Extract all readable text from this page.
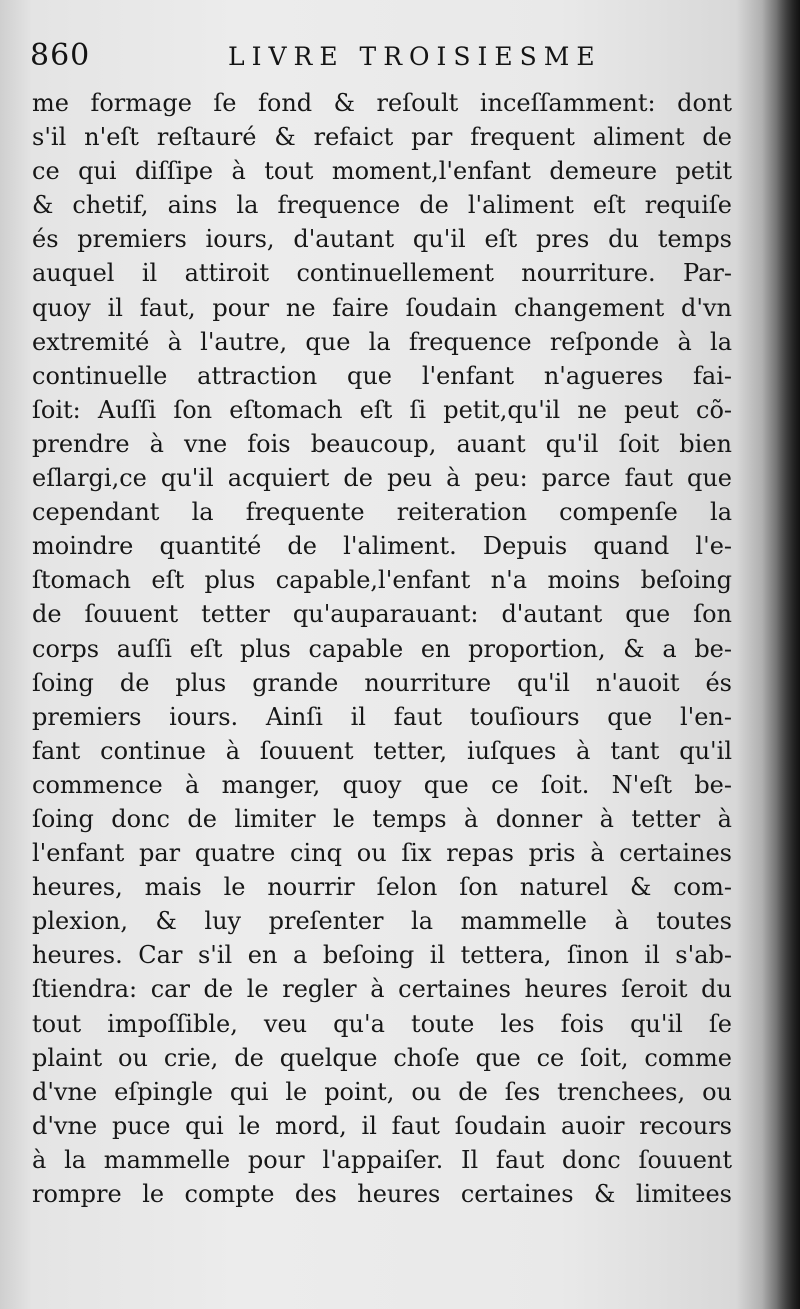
860	LIVRE TROISIESME
me formage ſe fond & reſoult inceſſamment: dont
s'il n'eſt reſtauré & refaict par frequent aliment de
ce qui diſſipe à tout moment,l'enfant demeure petit
& chetif, ains la frequence de l'aliment eſt requiſe
és premiers iours, d'autant qu'il eſt pres du temps
auquel il attiroit continuellement nourriture. Par-
quoy il faut, pour ne faire ſoudain changement d'vn
extremité à l'autre, que la frequence reſponde à la
continuelle attraction que l'enfant n'agueres fai-
ſoit: Auſſi ſon eſtomach eſt ſi petit,qu'il ne peut cõ-
prendre à vne fois beaucoup, auant qu'il ſoit bien
eſlargi,ce qu'il acquiert de peu à peu: parce faut que
cependant la frequente reiteration compenſe la
moindre quantité de l'aliment. Depuis quand l'e-
ſtomach eſt plus capable,l'enfant n'a moins beſoing
de ſouuent tetter qu'auparauant: d'autant que ſon
corps auſſi eſt plus capable en proportion, & a be-
ſoing de plus grande nourriture qu'il n'auoit és
premiers iours. Ainſi il faut touſiours que l'en-
fant continue à ſouuent tetter, iuſques à tant qu'il
commence à manger, quoy que ce ſoit. N'eſt be-
ſoing donc de limiter le temps à donner à tetter à
l'enfant par quatre cinq ou ſix repas pris à certaines
heures, mais le nourrir ſelon ſon naturel & com-
plexion, & luy preſenter la mammelle à toutes
heures. Car s'il en a beſoing il tettera, ſinon il s'ab-
ſtiendra: car de le regler à certaines heures ſeroit du
tout impoſſible, veu qu'a toute les fois qu'il ſe
plaint ou crie, de quelque choſe que ce ſoit, comme
d'vne eſpingle qui le point, ou de ſes trenchees, ou
d'vne puce qui le mord, il faut ſoudain auoir recours
à la mammelle pour l'appaiſer. Il faut donc ſouuent
rompre le compte des heures certaines & limitees
